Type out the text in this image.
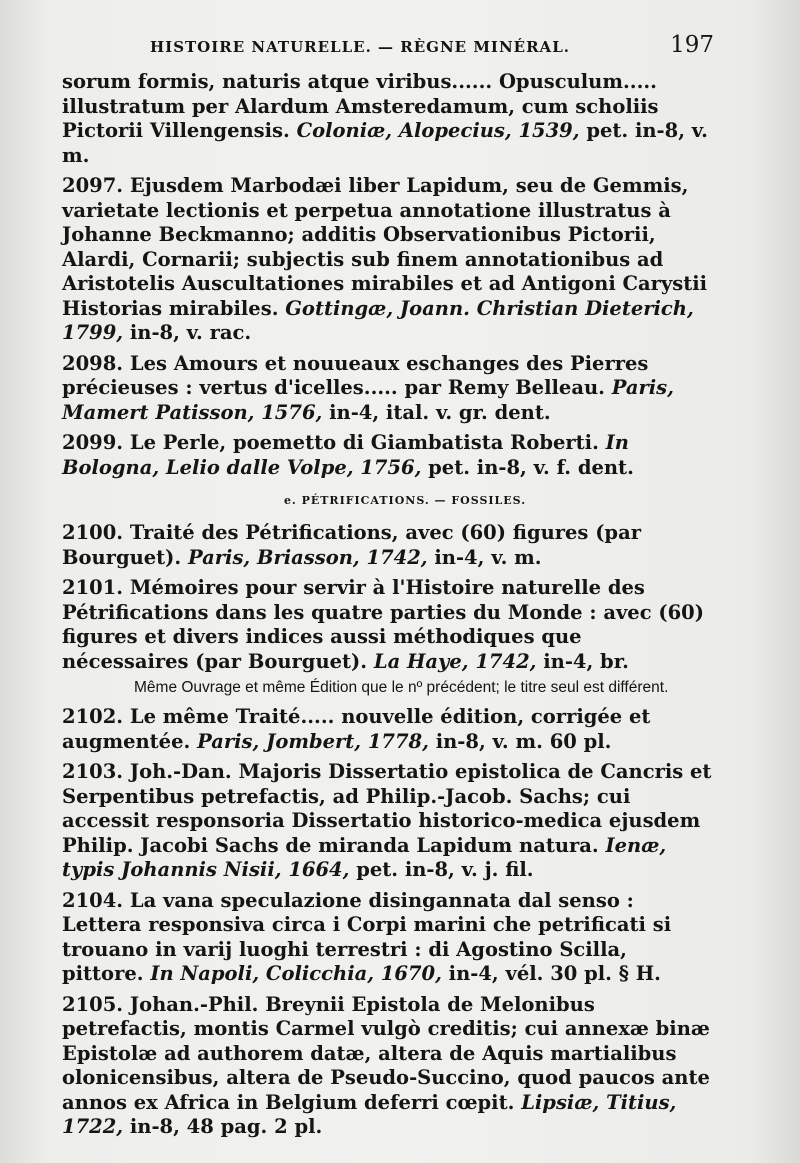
HISTOIRE NATURELLE. — RÈGNE MINÉRAL.	197

sorum formis, naturis atque viribus...... Opusculum..... illustratum per Alardum Amsteredamum, cum scholiis Pictorii Villengensis. Coloniæ, Alopecius, 1539, pet. in-8, v. m.

2097. Ejusdem Marbodæi liber Lapidum, seu de Gemmis, varietate lectionis et perpetua annotatione illustratus à Johanne Beckmanno; additis Observationibus Pictorii, Alardi, Cornarii; subjectis sub finem annotationibus ad Aristotelis Auscultationes mirabiles et ad Antigoni Carystii Historias mirabiles. Gottingæ, Joann. Christian Dieterich, 1799, in-8, v. rac.

2098. Les Amours et nouueaux eschanges des Pierres précieuses : vertus d'icelles..... par Remy Belleau. Paris, Mamert Patisson, 1576, in-4, ital. v. gr. dent.

2099. Le Perle, poemetto di Giambatista Roberti. In Bologna, Lelio dalle Volpe, 1756, pet. in-8, v. f. dent.

e. PÉTRIFICATIONS. — FOSSILES.

2100. Traité des Pétrifications, avec (60) figures (par Bourguet). Paris, Briasson, 1742, in-4, v. m.

2101. Mémoires pour servir à l'Histoire naturelle des Pétrifications dans les quatre parties du Monde : avec (60) figures et divers indices aussi méthodiques que nécessaires (par Bourguet). La Haye, 1742, in-4, br.

Même Ouvrage et même Édition que le nº précédent; le titre seul est différent.

2102. Le même Traité..... nouvelle édition, corrigée et augmentée. Paris, Jombert, 1778, in-8, v. m. 60 pl.

2103. Joh.-Dan. Majoris Dissertatio epistolica de Cancris et Serpentibus petrefactis, ad Philip.-Jacob. Sachs; cui accessit responsoria Dissertatio historico-medica ejusdem Philip. Jacobi Sachs de miranda Lapidum natura. Ienæ, typis Johannis Nisii, 1664, pet. in-8, v. j. fil.

2104. La vana speculazione disingannata dal senso : Lettera responsiva circa i Corpi marini che petrificati si trouano in varij luoghi terrestri : di Agostino Scilla, pittore. In Napoli, Colicchia, 1670, in-4, vél. 30 pl. § H.

2105. Johan.-Phil. Breynii Epistola de Melonibus petrefactis, montis Carmel vulgò creditis; cui annexæ binæ Epistolæ ad authorem datæ, altera de Aquis martialibus olonicensibus, altera de Pseudo-Succino, quod paucos ante annos ex Africa in Belgium deferri cœpit. Lipsiæ, Titius, 1722, in-8, 48 pag. 2 pl.
